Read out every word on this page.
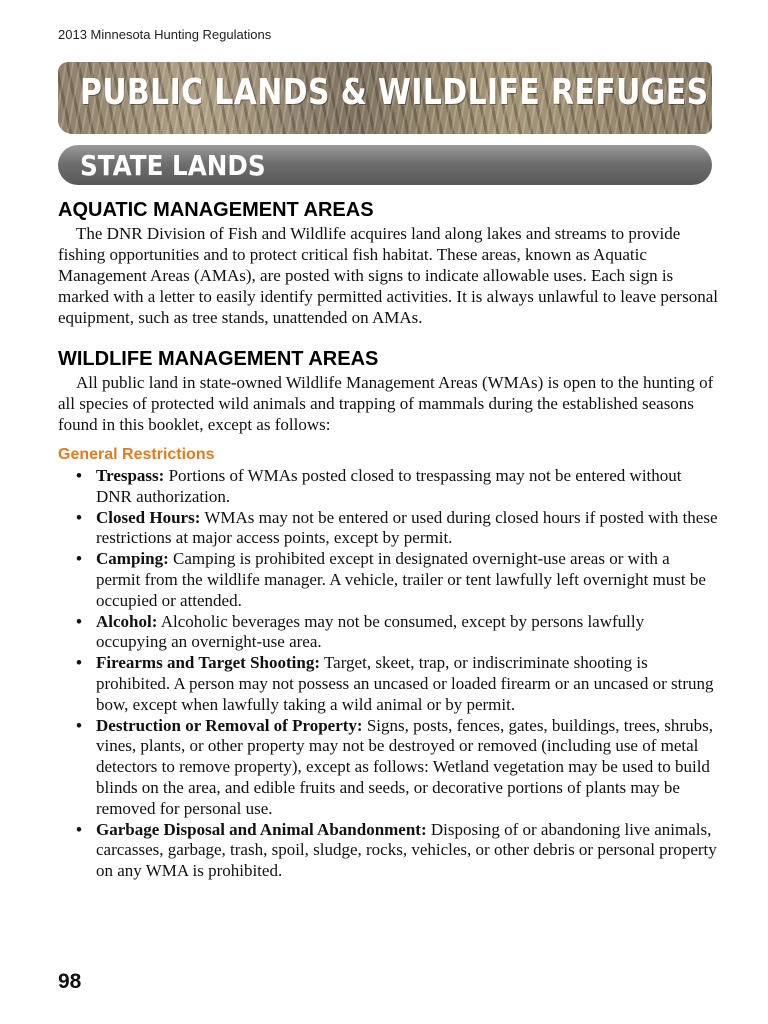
2013 Minnesota Hunting Regulations
PUBLIC LANDS & WILDLIFE REFUGES
STATE LANDS
AQUATIC MANAGEMENT AREAS

The DNR Division of Fish and Wildlife acquires land along lakes and streams to provide fishing opportunities and to protect critical fish habitat. These areas, known as Aquatic Management Areas (AMAs), are posted with signs to indicate allowable uses. Each sign is marked with a letter to easily identify permitted activities. It is always unlawful to leave personal equipment, such as tree stands, unattended on AMAs.

WILDLIFE MANAGEMENT AREAS

All public land in state-owned Wildlife Management Areas (WMAs) is open to the hunting of all species of protected wild animals and trapping of mammals during the established seasons found in this booklet, except as follows:

General Restrictions
• Trespass: Portions of WMAs posted closed to trespassing may not be entered without DNR authorization.
• Closed Hours: WMAs may not be entered or used during closed hours if posted with these restrictions at major access points, except by permit.
• Camping: Camping is prohibited except in designated overnight-use areas or with a permit from the wildlife manager. A vehicle, trailer or tent lawfully left overnight must be occupied or attended.
• Alcohol: Alcoholic beverages may not be consumed, except by persons lawfully occupying an overnight-use area.
• Firearms and Target Shooting: Target, skeet, trap, or indiscriminate shooting is prohibited. A person may not possess an uncased or loaded firearm or an uncased or strung bow, except when lawfully taking a wild animal or by permit.
• Destruction or Removal of Property: Signs, posts, fences, gates, buildings, trees, shrubs, vines, plants, or other property may not be destroyed or removed (including use of metal detectors to remove property), except as follows: Wetland vegetation may be used to build blinds on the area, and edible fruits and seeds, or decorative portions of plants may be removed for personal use.
• Garbage Disposal and Animal Abandonment: Disposing of or abandoning live animals, carcasses, garbage, trash, spoil, sludge, rocks, vehicles, or other debris or personal property on any WMA is prohibited.
98
